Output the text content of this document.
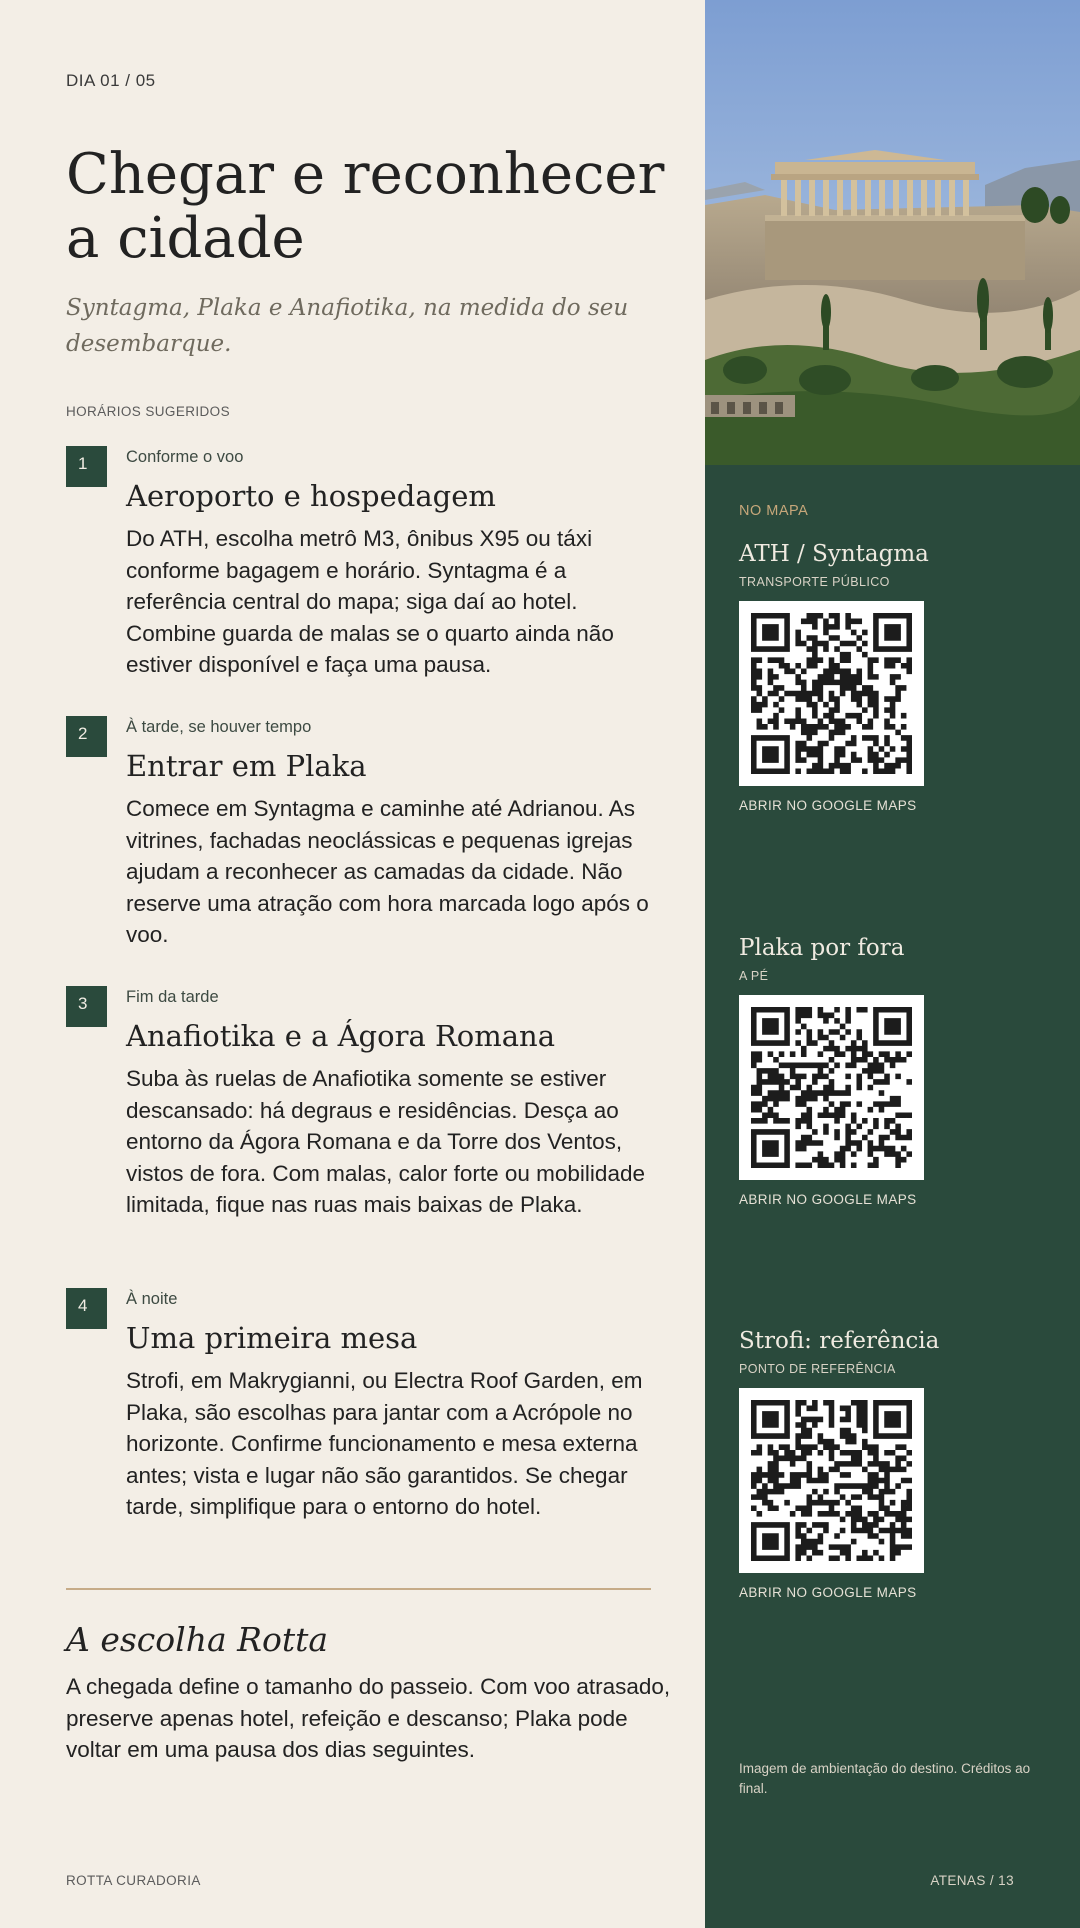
DIA 01 / 05
Chegar e reconhecer a cidade
Syntagma, Plaka e Anafiotika, na medida do seu desembarque.
HORÁRIOS SUGERIDOS
1	Conforme o voo
Aeroporto e hospedagem
Do ATH, escolha metrô M3, ônibus X95 ou táxi conforme bagagem e horário. Syntagma é a referência central do mapa; siga daí ao hotel. Combine guarda de malas se o quarto ainda não estiver disponível e faça uma pausa.
2	À tarde, se houver tempo
Entrar em Plaka
Comece em Syntagma e caminhe até Adrianou. As vitrines, fachadas neoclássicas e pequenas igrejas ajudam a reconhecer as camadas da cidade. Não reserve uma atração com hora marcada logo após o voo.
3	Fim da tarde
Anafiotika e a Ágora Romana
Suba às ruelas de Anafiotika somente se estiver descansado: há degraus e residências. Desça ao entorno da Ágora Romana e da Torre dos Ventos, vistos de fora. Com malas, calor forte ou mobilidade limitada, fique nas ruas mais baixas de Plaka.
4	À noite
Uma primeira mesa
Strofi, em Makrygianni, ou Electra Roof Garden, em Plaka, são escolhas para jantar com a Acrópole no horizonte. Confirme funcionamento e mesa externa antes; vista e lugar não são garantidos. Se chegar tarde, simplifique para o entorno do hotel.
A escolha Rotta
A chegada define o tamanho do passeio. Com voo atrasado, preserve apenas hotel, refeição e descanso; Plaka pode voltar em uma pausa dos dias seguintes.
ROTTA CURADORIA
NO MAPA
ATH / Syntagma
TRANSPORTE PÚBLICO
ABRIR NO GOOGLE MAPS
Plaka por fora
A PÉ
ABRIR NO GOOGLE MAPS
Strofi: referência
PONTO DE REFERÊNCIA
ABRIR NO GOOGLE MAPS
Imagem de ambientação do destino. Créditos ao final.
ATENAS / 13
